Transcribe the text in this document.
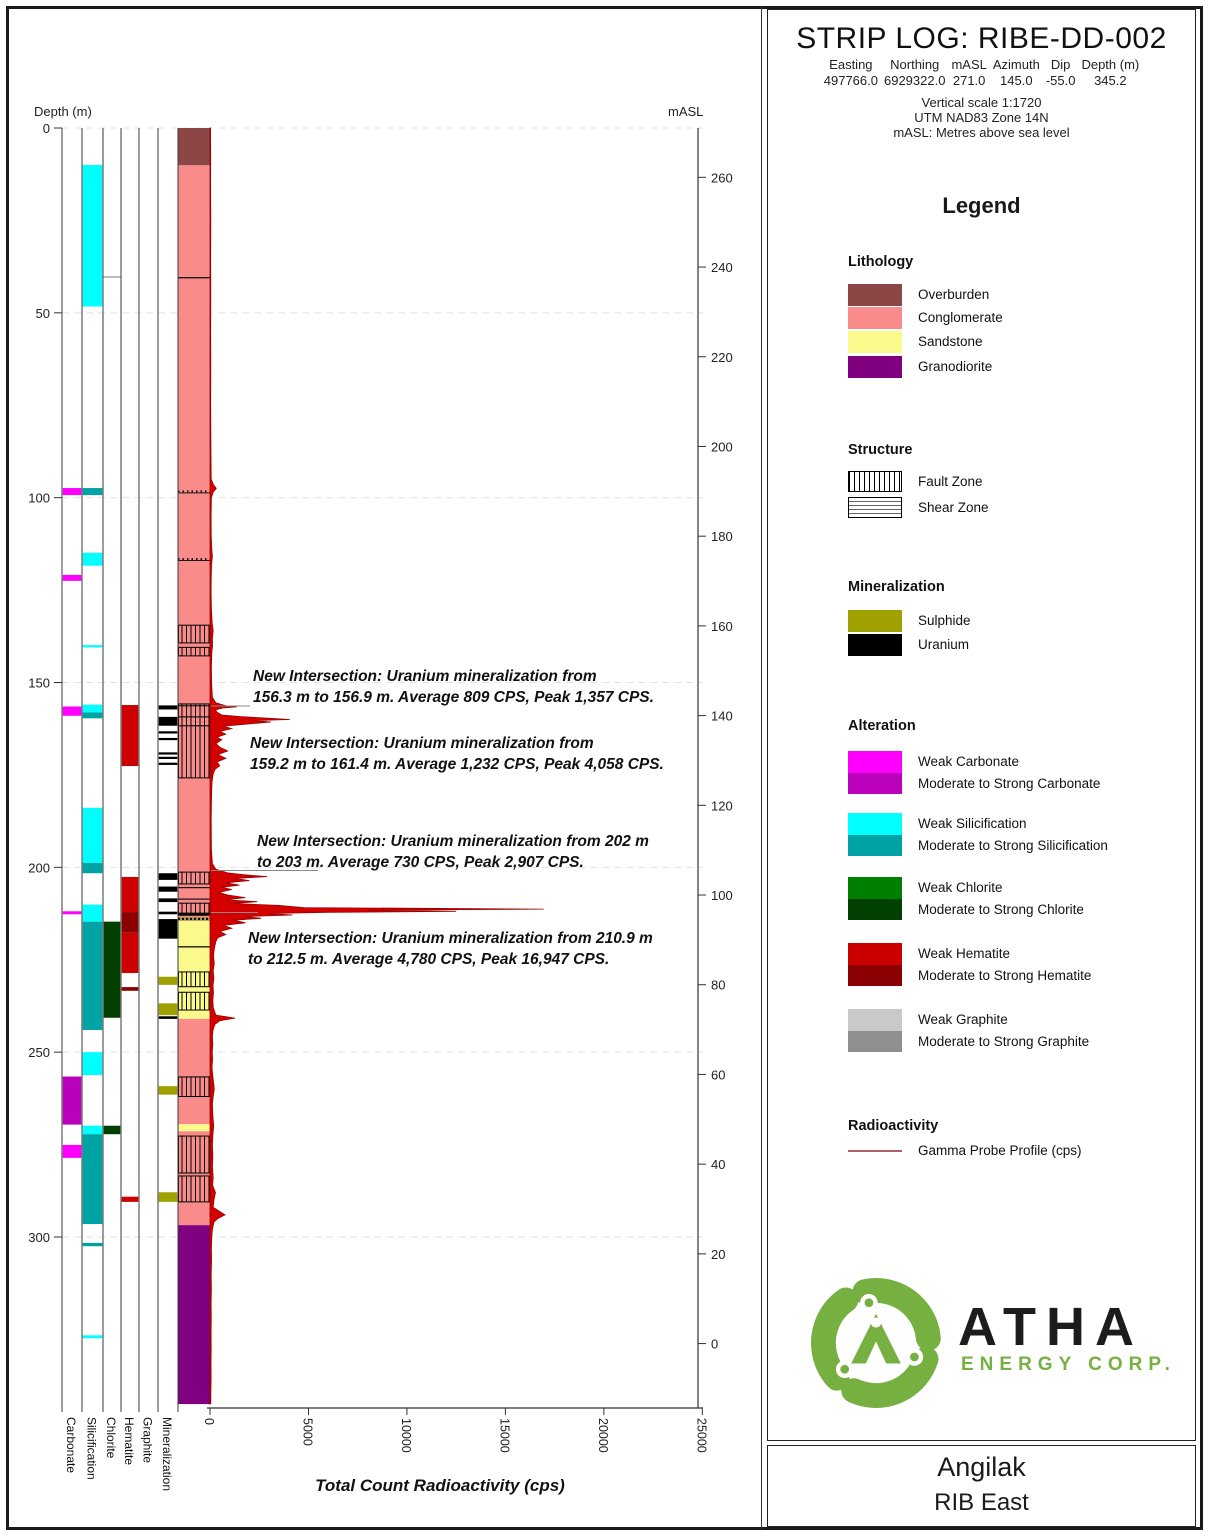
Depth (m)	mASL
0
50
100
150
200
250
300
0	5000	10000	15000	20000	25000
260
240
220
200
180
160
140
120
100
80
60
40
20
0
Carbonate Silicification Chlorite Hematite Graphite Mineralization
New Intersection: Uranium mineralization from
156.3 m to 156.9 m. Average 809 CPS, Peak 1,357 CPS.
New Intersection: Uranium mineralization from
159.2 m to 161.4 m. Average 1,232 CPS, Peak 4,058 CPS.
New Intersection: Uranium mineralization from 202 m
to 203 m. Average 730 CPS, Peak 2,907 CPS.
New Intersection: Uranium mineralization from 210.9 m
to 212.5 m. Average 4,780 CPS, Peak 16,947 CPS.
Total Count Radioactivity (cps)
STRIP LOG: RIBE-DD-002
Easting
497766.0
Northing
6929322.0
mASL
271.0
Azimuth
145.0
Dip
-55.0
Depth (m)
345.2
Vertical scale 1:1720
UTM NAD83 Zone 14N
mASL: Metres above sea level
Legend
Lithology
Overburden
Conglomerate
Sandstone
Granodiorite
Structure
Fault Zone
Shear Zone
Mineralization
Sulphide
Uranium
Alteration
Weak Carbonate
Moderate to Strong Carbonate
Weak Silicification
Moderate to Strong Silicification
Weak Chlorite
Moderate to Strong Chlorite
Weak Hematite
Moderate to Strong Hematite
Weak Graphite
Moderate to Strong Graphite
Radioactivity
Gamma Probe Profile (cps)
ATHA
ENERGY CORP.
Angilak
RIB East
